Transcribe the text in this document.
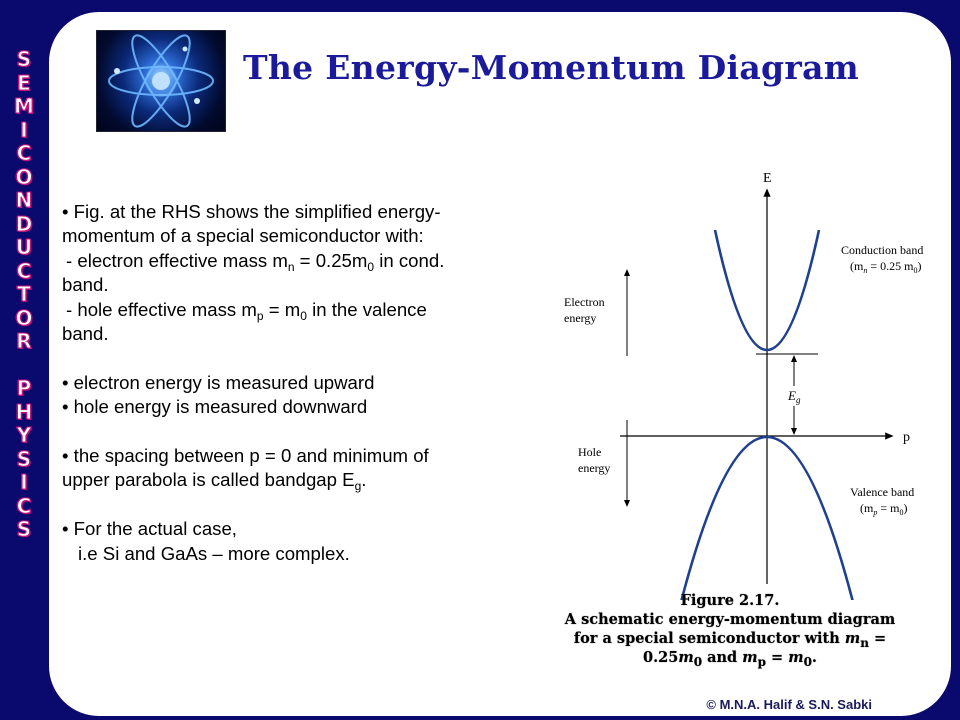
S
E
M
I
C
O
N
D
U
C
T
O
R
P
H
Y
S
I
C
S
The Energy-Momentum Diagram

• Fig. at the RHS shows the simplified energy-

momentum of a special semiconductor with:

- electron effective mass $m_n = 0.25m_0$ in cond.

band.

- hole effective mass $m_p = m_0$ in the valence

band.

• electron energy is measured upward

• hole energy is measured downward

• the spacing between p = 0 and minimum of

upper parabola is called bandgap $E_g$.

• For the actual case,

i.e Si and GaAs – more complex.

E
p
$E_g$
Electron
energy
Hole
energy
Conduction band
($m_n = 0.25$ $m_0$)
Valence band
$(m_p = m_0)$
Figure 2.17.
A schematic energy-momentum diagram
for a special semiconductor with $m_n$ =
$0.25m_0$ and $m_p = m_0$.
© M.N.A. Halif & S.N. Sabki
